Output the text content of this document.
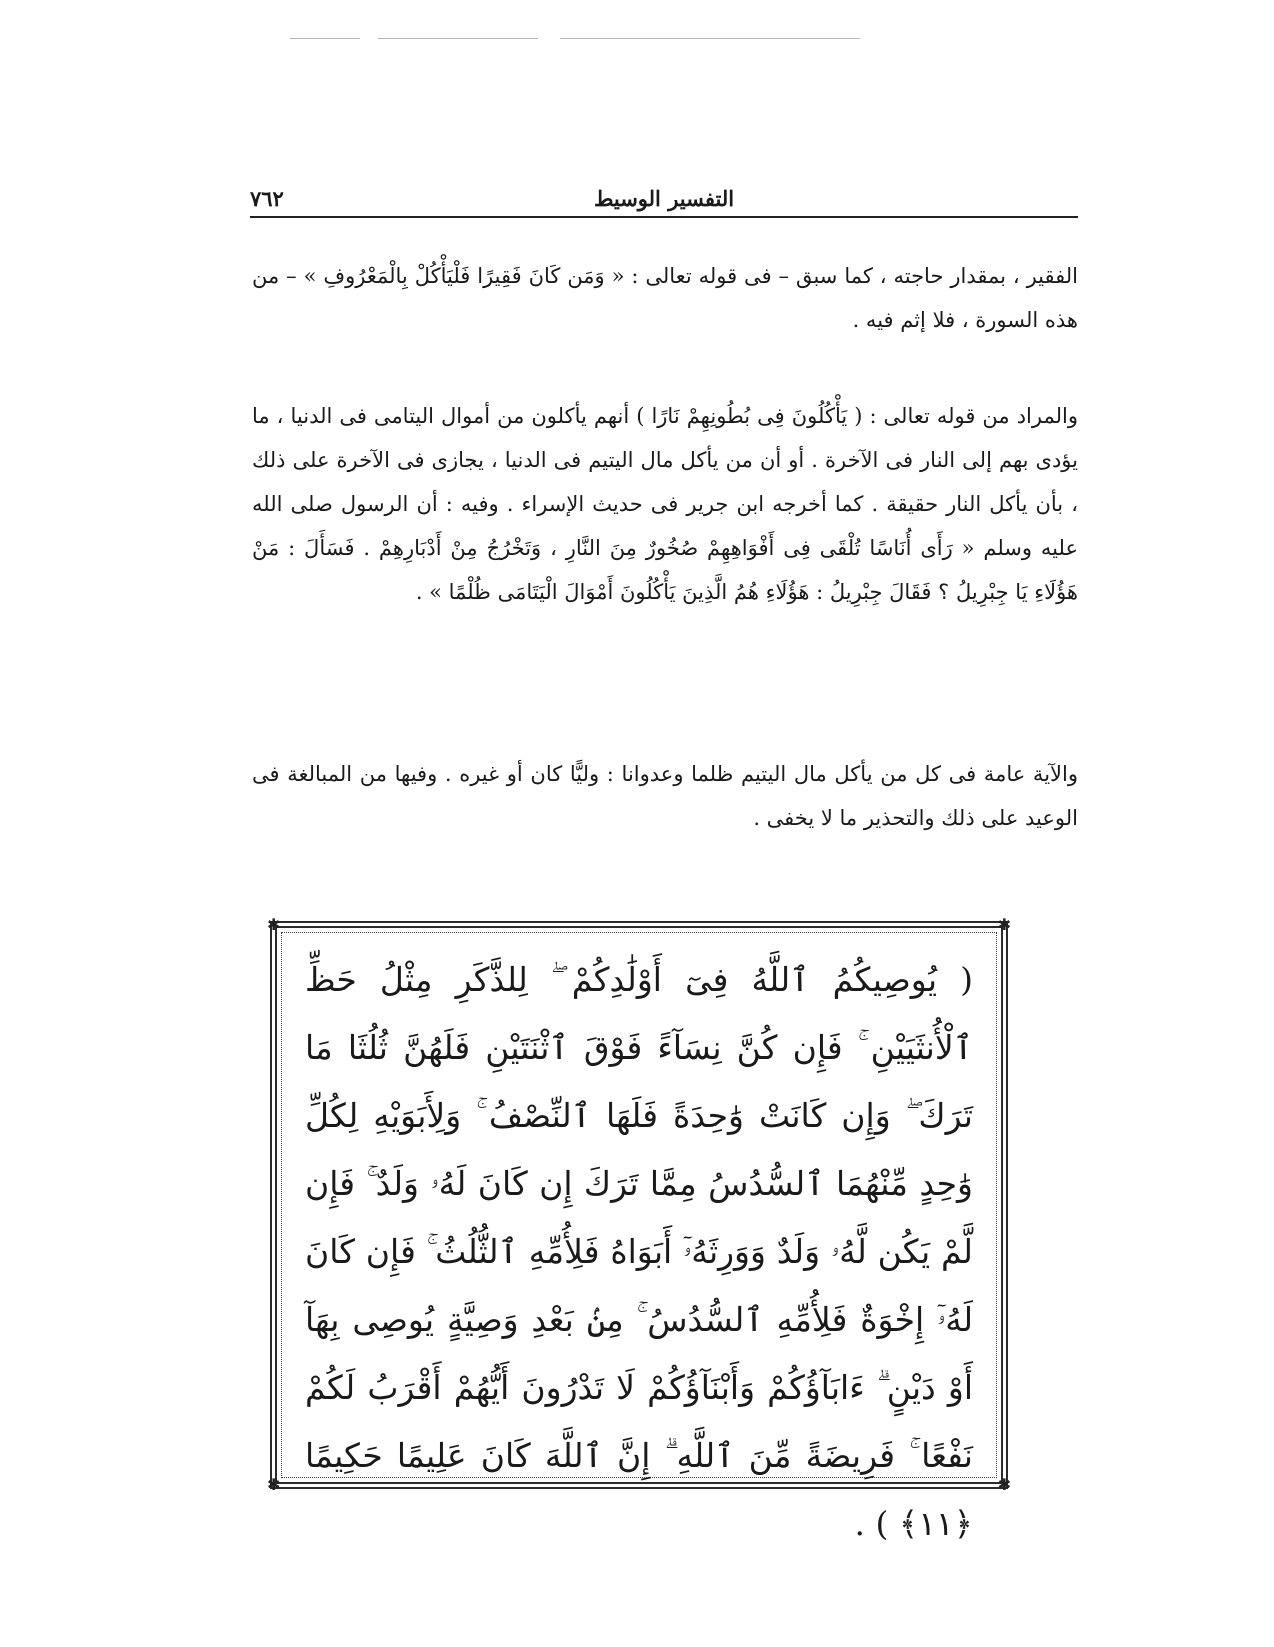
التفسير الوسيط
٧٦٢

الفقير ، بمقدار حاجته ، كما سبق – فى قوله تعالى : « وَمَن كَانَ فَقِيرًا فَلْيَأْكُلْ بِالْمَعْرُوفِ » – من هذه السورة ، فلا إثم فيه .

والمراد من قوله تعالى : ( يَأْكُلُونَ فِى بُطُونِهِمْ نَارًا ) أنهم يأكلون من أموال اليتامى فى الدنيا ، ما يؤدى بهم إلى النار فى الآخرة . أو أن من يأكل مال اليتيم فى الدنيا ، يجازى فى الآخرة على ذلك ، بأن يأكل النار حقيقة . كما أخرجه ابن جرير فى حديث الإسراء . وفيه : أن الرسول صلى الله عليه وسلم « رَأَى أُنَاسًا تُلْقَى فِى أَفْوَاهِهِمْ صُخُورٌ مِنَ النَّارِ ، وَتَخْرُجُ مِنْ أَدْبَارِهِمْ . فَسَأَلَ : مَنْ هَؤُلَاءِ يَا جِبْرِيلُ ؟ فَقَالَ جِبْرِيلُ : هَؤُلَاءِ هُمُ الَّذِينَ يَأْكُلُونَ أَمْوَالَ الْيَتَامَى ظُلْمًا » .

والآية عامة فى كل من يأكل مال اليتيم ظلما وعدوانا : وليًّا كان أو غيره . وفيها من المبالغة فى الوعيد على ذلك والتحذير ما لا يخفى .

✱	✱
✱	✱
( يُوصِيكُمُ ٱللَّهُ فِىٓ أَوْلَٰدِكُمْ ۖ لِلذَّكَرِ مِثْلُ حَظِّ ٱلْأُنثَيَيْنِ ۚ فَإِن كُنَّ نِسَآءً فَوْقَ ٱثْنَتَيْنِ فَلَهُنَّ ثُلُثَا مَا تَرَكَ ۖ وَإِن كَانَتْ وَٰحِدَةً فَلَهَا ٱلنِّصْفُ ۚ وَلِأَبَوَيْهِ لِكُلِّ وَٰحِدٍ مِّنْهُمَا ٱلسُّدُسُ مِمَّا تَرَكَ إِن كَانَ لَهُۥ وَلَدٌ ۚ فَإِن لَّمْ يَكُن لَّهُۥ وَلَدٌ وَوَرِثَهُۥٓ أَبَوَاهُ فَلِأُمِّهِ ٱلثُّلُثُ ۚ فَإِن كَانَ لَهُۥٓ إِخْوَةٌ فَلِأُمِّهِ ٱلسُّدُسُ ۚ مِنۢ بَعْدِ وَصِيَّةٍ يُوصِى بِهَآ أَوْ دَيْنٍ ۗ ءَابَآؤُكُمْ وَأَبْنَآؤُكُمْ لَا تَدْرُونَ أَيُّهُمْ أَقْرَبُ لَكُمْ نَفْعًا ۚ فَرِيضَةً مِّنَ ٱللَّهِ ۗ إِنَّ ٱللَّهَ كَانَ عَلِيمًا حَكِيمًا ﴿١١﴾ ) .
